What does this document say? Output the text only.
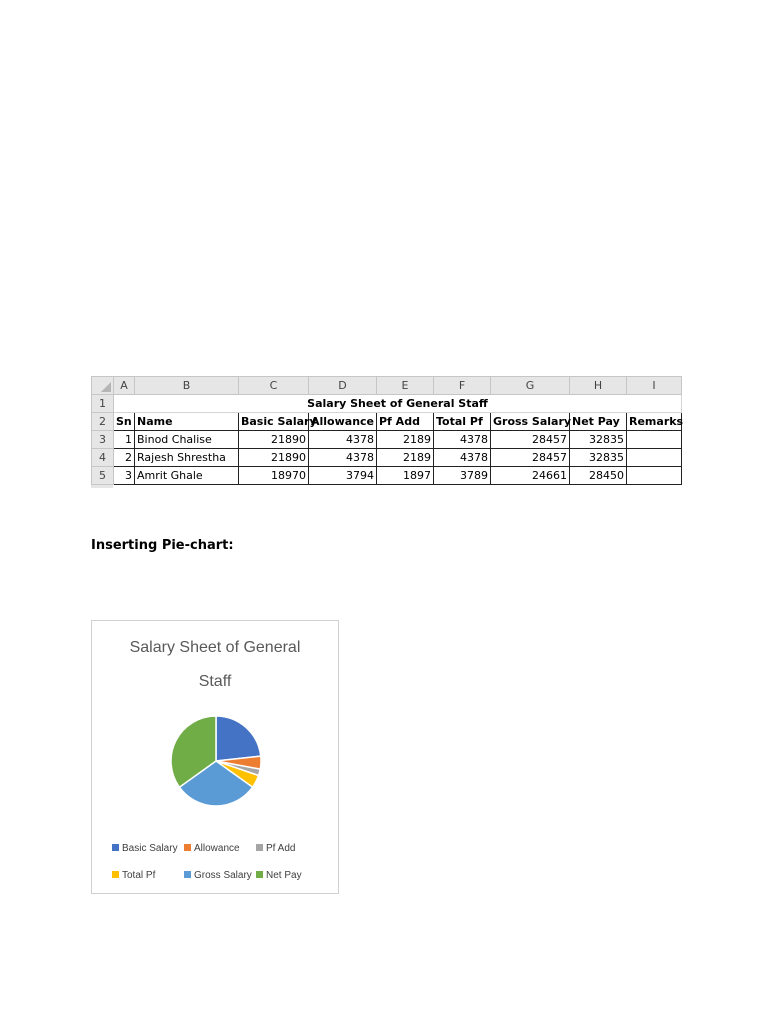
	A	B	C	D	E	F	G	H	I
1	Salary Sheet of General Staff								
2	Sn	Name	Basic Salary	Allowance	Pf Add	Total Pf	Gross Salary	Net Pay	Remarks
3	1	Binod Chalise	21890	4378	2189	4378	28457	32835	
4	2	Rajesh Shrestha	21890	4378	2189	4378	28457	32835	
5	3	Amrit Ghale	18970	3794	1897	3789	24661	28450	
Inserting Pie-chart:
Salary Sheet of General
Staff
Basic Salary	Allowance	Pf Add
Total Pf	Gross Salary	Net Pay
